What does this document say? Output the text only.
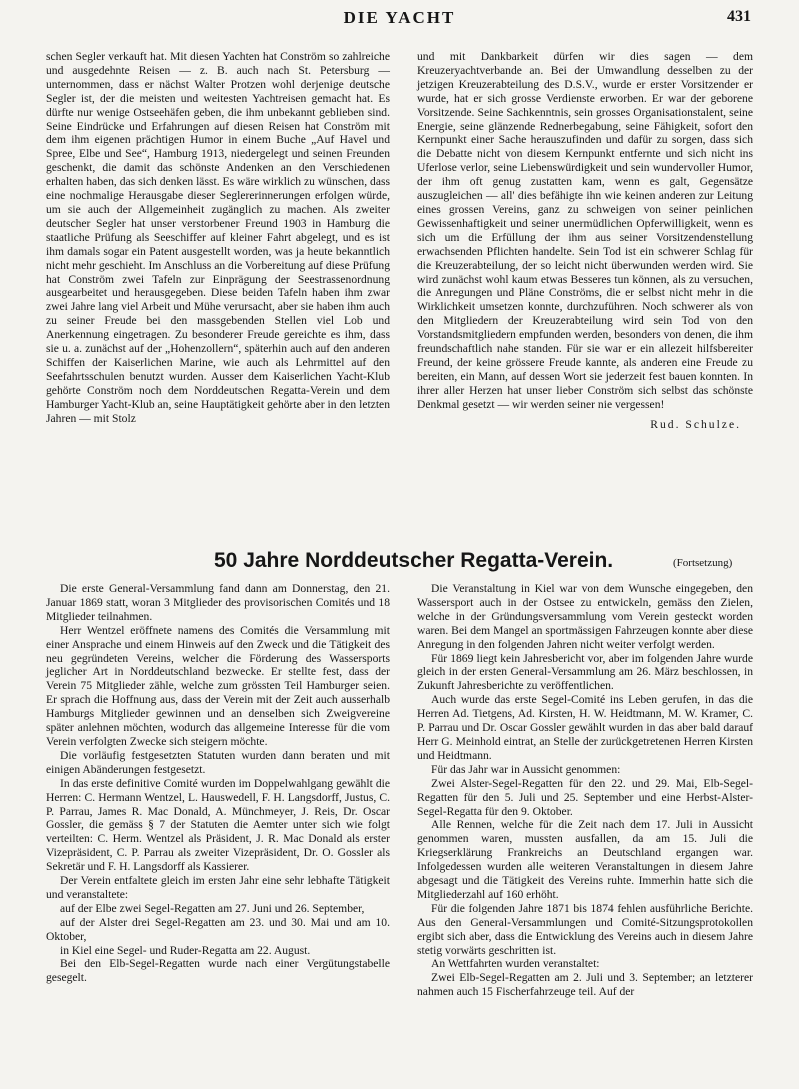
DIE YACHT	431

schen Segler verkauft hat. Mit diesen Yachten hat Conström so zahlreiche und ausgedehnte Reisen — z. B. auch nach St. Petersburg — unternommen, dass er nächst Walter Protzen wohl derjenige deutsche Segler ist, der die meisten und weitesten Yachtreisen gemacht hat. Es dürfte nur wenige Ostseehäfen geben, die ihm unbekannt geblieben sind. Seine Eindrücke und Erfahrungen auf diesen Reisen hat Conström mit dem ihm eigenen prächtigen Humor in einem Buche „Auf Havel und Spree, Elbe und See“, Hamburg 1913, niedergelegt und seinen Freunden geschenkt, die damit das schönste Andenken an den Verschiedenen erhalten haben, das sich denken lässt. Es wäre wirklich zu wünschen, dass eine nochmalige Herausgabe dieser Seglererinnerungen erfolgen würde, um sie auch der Allgemeinheit zugänglich zu machen. Als zweiter deutscher Segler hat unser verstorbener Freund 1903 in Hamburg die staatliche Prüfung als Seeschiffer auf kleiner Fahrt abgelegt, und es ist ihm damals sogar ein Patent ausgestellt worden, was ja heute bekanntlich nicht mehr geschieht. Im Anschluss an die Vorbereitung auf diese Prüfung hat Conström zwei Tafeln zur Einprägung der Seestrassenordnung ausgearbeitet und herausgegeben. Diese beiden Tafeln haben ihm zwar zwei Jahre lang viel Arbeit und Mühe verursacht, aber sie haben ihm auch zu seiner Freude bei den massgebenden Stellen viel Lob und Anerkennung eingetragen. Zu besonderer Freude gereichte es ihm, dass sie u. a. zunächst auf der „Hohenzollern“, späterhin auch auf den anderen Schiffen der Kaiserlichen Marine, wie auch als Lehrmittel auf den Seefahrtsschulen benutzt wurden. Ausser dem Kaiserlichen Yacht-Klub gehörte Conström noch dem Norddeutschen Regatta-Verein und dem Hamburger Yacht-Klub an, seine Hauptätigkeit gehörte aber in den letzten Jahren — mit Stolz

und mit Dankbarkeit dürfen wir dies sagen — dem Kreuzeryachtverbande an. Bei der Umwandlung desselben zu der jetzigen Kreuzerabteilung des D.S.V., wurde er erster Vorsitzender er wurde, hat er sich grosse Verdienste erworben. Er war der geborene Vorsitzende. Seine Sachkenntnis, sein grosses Organisationstalent, seine Energie, seine glänzende Rednerbegabung, seine Fähigkeit, sofort den Kernpunkt einer Sache herauszufinden und dafür zu sorgen, dass sich die Debatte nicht von diesem Kernpunkt entfernte und sich nicht ins Uferlose verlor, seine Liebenswürdigkeit und sein wundervoller Humor, der ihm oft genug zustatten kam, wenn es galt, Gegensätze auszugleichen — all' dies befähigte ihn wie keinen anderen zur Leitung eines grossen Vereins, ganz zu schweigen von seiner peinlichen Gewissenhaftigkeit und seiner unermüdlichen Opferwilligkeit, wenn es sich um die Erfüllung der ihm aus seiner Vorsitzendenstellung erwachsenden Pflichten handelte. Sein Tod ist ein schwerer Schlag für die Kreuzerabteilung, der so leicht nicht überwunden werden wird. Sie wird zunächst wohl kaum etwas Besseres tun können, als zu versuchen, die Anregungen und Pläne Conströms, die er selbst nicht mehr in die Wirklichkeit umsetzen konnte, durchzuführen. Noch schwerer als von den Mitgliedern der Kreuzerabteilung wird sein Tod von den Vorstandsmitgliedern empfunden werden, besonders von denen, die ihm freundschaftlich nahe standen. Für sie war er ein allezeit hilfsbereiter Freund, der keine grössere Freude kannte, als anderen eine Freude zu bereiten, ein Mann, auf dessen Wort sie jederzeit fest bauen konnten. In ihrer aller Herzen hat unser lieber Conström sich selbst das schönste Denkmal gesetzt — wir werden seiner nie vergessen!

Rud. Schulze.
50 Jahre Norddeutscher Regatta-Verein.	(Fortsetzung)

Die erste General-Versammlung fand dann am Donnerstag, den 21. Januar 1869 statt, woran 3 Mitglieder des provisorischen Comités und 18 Mitglieder teilnahmen.

Herr Wentzel eröffnete namens des Comités die Versammlung mit einer Ansprache und einem Hinweis auf den Zweck und die Tätigkeit des neu gegründeten Vereins, welcher die Förderung des Wassersports jeglicher Art in Norddeutschland bezwecke. Er stellte fest, dass der Verein 75 Mitglieder zähle, welche zum grössten Teil Hamburger seien. Er sprach die Hoffnung aus, dass der Verein mit der Zeit auch ausserhalb Hamburgs Mitglieder gewinnen und an denselben sich Zweigvereine später anlehnen möchten, wodurch das allgemeine Interesse für die vom Verein verfolgten Zwecke sich steigern möchte.

Die vorläufig festgesetzten Statuten wurden dann beraten und mit einigen Abänderungen festgesetzt.

In das erste definitive Comité wurden im Doppelwahlgang gewählt die Herren: C. Hermann Wentzel, L. Hauswedell, F. H. Langsdorff, Justus, C. P. Parrau, James R. Mac Donald, A. Münchmeyer, J. Reis, Dr. Oscar Gossler, die gemäss § 7 der Statuten die Aemter unter sich wie folgt verteilten: C. Herm. Wentzel als Präsident, J. R. Mac Donald als erster Vizepräsident, C. P. Parrau als zweiter Vizepräsident, Dr. O. Gossler als Sekretär und F. H. Langsdorff als Kassierer.

Der Verein entfaltete gleich im ersten Jahr eine sehr lebhafte Tätigkeit und veranstaltete:

auf der Elbe zwei Segel-Regatten am 27. Juni und 26. September,

auf der Alster drei Segel-Regatten am 23. und 30. Mai und am 10. Oktober,

in Kiel eine Segel- und Ruder-Regatta am 22. August.

Bei den Elb-Segel-Regatten wurde nach einer Vergütungstabelle gesegelt.

Die Veranstaltung in Kiel war von dem Wunsche eingegeben, den Wassersport auch in der Ostsee zu entwickeln, gemäss den Zielen, welche in der Gründungsversammlung vom Verein gesteckt worden waren. Bei dem Mangel an sportmässigen Fahrzeugen konnte aber diese Anregung in den folgenden Jahren nicht weiter verfolgt werden.

Für 1869 liegt kein Jahresbericht vor, aber im folgenden Jahre wurde gleich in der ersten General-Versammlung am 26. März beschlossen, in Zukunft Jahresberichte zu veröffentlichen.

Auch wurde das erste Segel-Comité ins Leben gerufen, in das die Herren Ad. Tietgens, Ad. Kirsten, H. W. Heidtmann, M. W. Kramer, C. P. Parrau und Dr. Oscar Gossler gewählt wurden in das aber bald darauf Herr G. Meinhold eintrat, an Stelle der zurückgetretenen Herren Kirsten und Heidtmann.

Für das Jahr war in Aussicht genommen:

Zwei Alster-Segel-Regatten für den 22. und 29. Mai, Elb-Segel-Regatten für den 5. Juli und 25. September und eine Herbst-Alster-Segel-Regatta für den 9. Oktober.

Alle Rennen, welche für die Zeit nach dem 17. Juli in Aussicht genommen waren, mussten ausfallen, da am 15. Juli die Kriegserklärung Frankreichs an Deutschland ergangen war. Infolgedessen wurden alle weiteren Veranstaltungen in diesem Jahre abgesagt und die Tätigkeit des Vereins ruhte. Immerhin hatte sich die Mitgliederzahl auf 160 erhöht.

Für die folgenden Jahre 1871 bis 1874 fehlen ausführliche Berichte. Aus den General-Versammlungen und Comité-Sitzungsprotokollen ergibt sich aber, dass die Entwicklung des Vereins auch in diesem Jahre stetig vorwärts geschritten ist.

An Wettfahrten wurden veranstaltet:

Zwei Elb-Segel-Regatten am 2. Juli und 3. September; an letzterer nahmen auch 15 Fischerfahrzeuge teil. Auf der
